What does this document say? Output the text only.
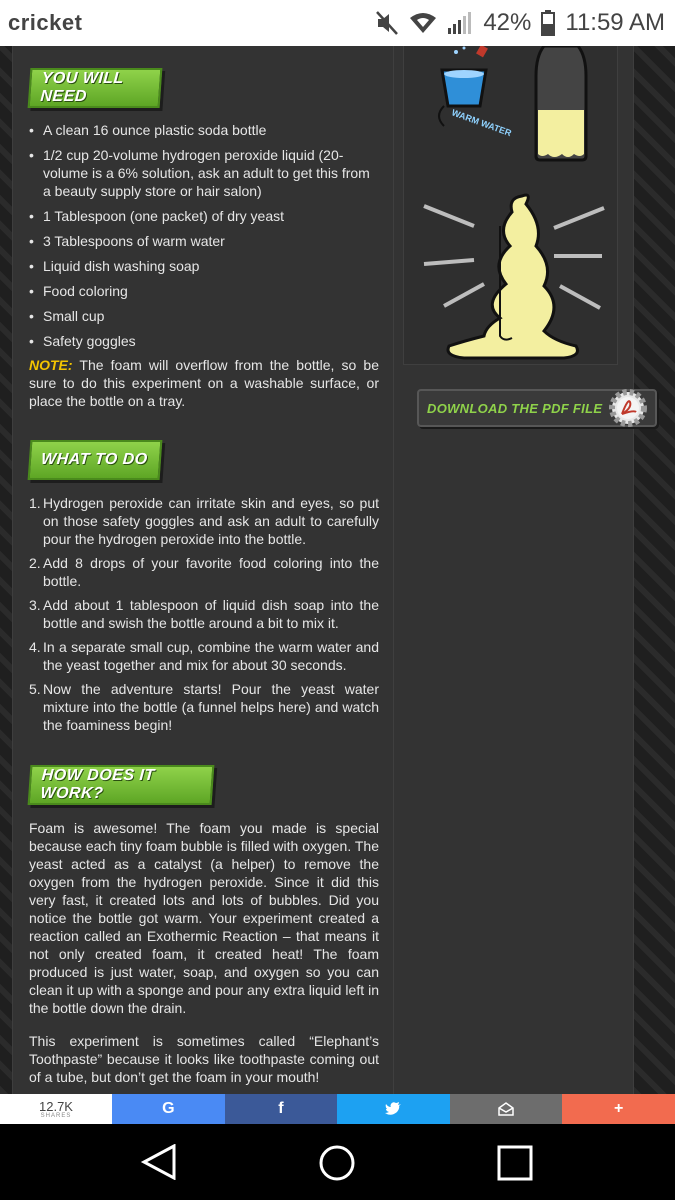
cricket	42% 11:59 AM
YOU WILL NEED
• A clean 16 ounce plastic soda bottle
• 1/2 cup 20-volume hydrogen peroxide liquid (20-volume is a 6% solution, ask an adult to get this from a beauty supply store or hair salon)
• 1 Tablespoon (one packet) of dry yeast
• 3 Tablespoons of warm water
• Liquid dish washing soap
• Food coloring
• Small cup
• Safety goggles
NOTE: The foam will overflow from the bottle, so be sure to do this experiment on a washable surface, or place the bottle on a tray.
WHAT TO DO
1. Hydrogen peroxide can irritate skin and eyes, so put on those safety goggles and ask an adult to carefully pour the hydrogen peroxide into the bottle.
2. Add 8 drops of your favorite food coloring into the bottle.
3. Add about 1 tablespoon of liquid dish soap into the bottle and swish the bottle around a bit to mix it.
4. In a separate small cup, combine the warm water and the yeast together and mix for about 30 seconds.
5. Now the adventure starts! Pour the yeast water mixture into the bottle (a funnel helps here) and watch the foaminess begin!
HOW DOES IT WORK?

Foam is awesome! The foam you made is special because each tiny foam bubble is filled with oxygen. The yeast acted as a catalyst (a helper) to remove the oxygen from the hydrogen peroxide. Since it did this very fast, it created lots and lots of bubbles. Did you notice the bottle got warm. Your experiment created a reaction called an Exothermic Reaction – that means it not only created foam, it created heat! The foam produced is just water, soap, and oxygen so you can clean it up with a sponge and pour any extra liquid left in the bottle down the drain.

This experiment is sometimes called “Elephant’s Toothpaste” because it looks like toothpaste coming out of a tube, but don’t get the foam in your mouth!

WARM WATER
DOWNLOAD THE PDF FILE
12.7K
SHARES	G	f	+
